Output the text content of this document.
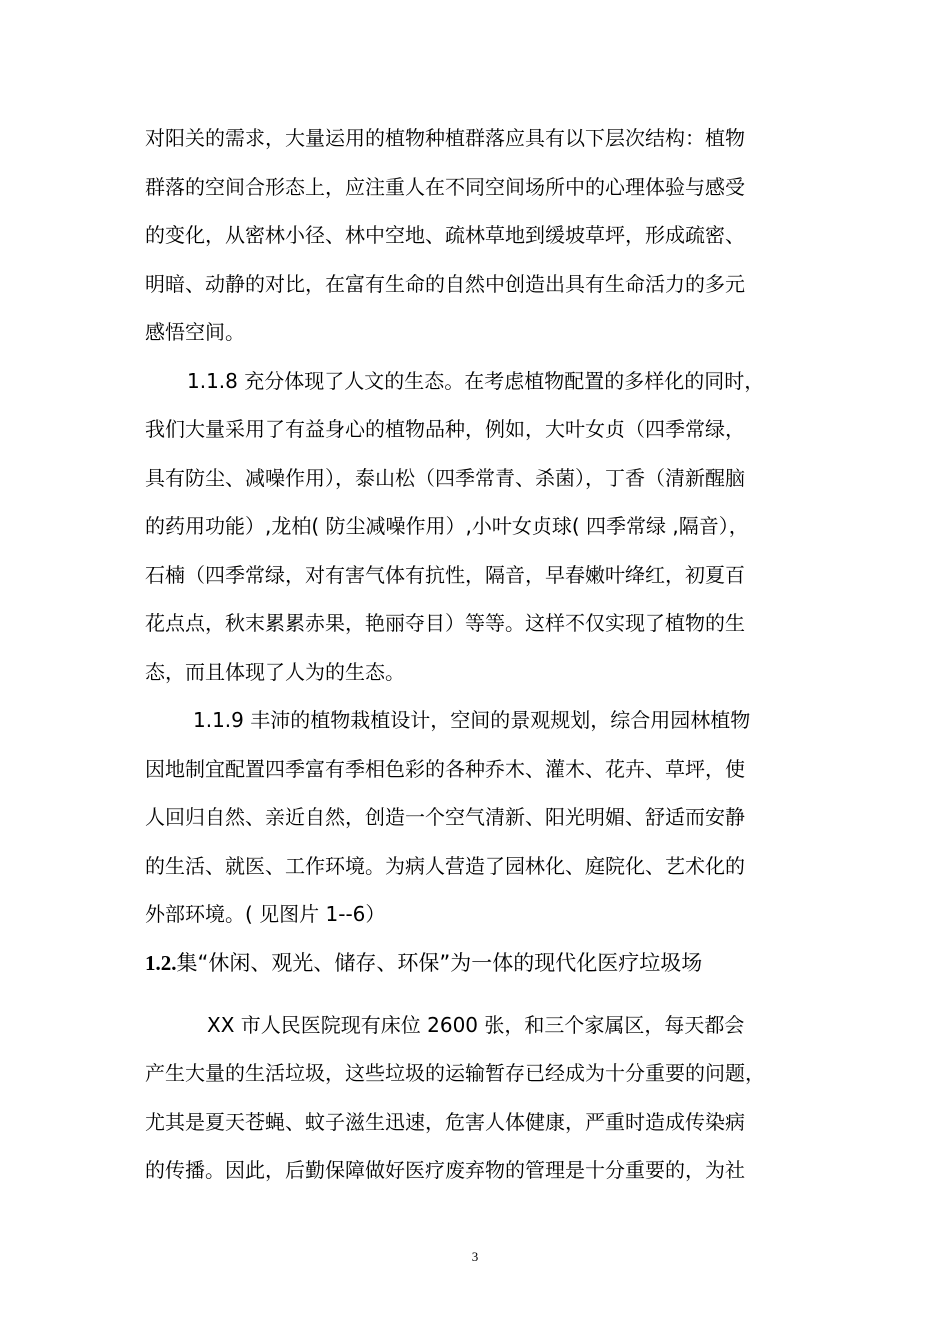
对阳关的需求，大量运用的植物种植群落应具有以下层次结构：植物
群落的空间合形态上，应注重人在不同空间场所中的心理体验与感受
的变化，从密林小径、林中空地、疏林草地到缓坡草坪，形成疏密、
明暗、动静的对比，在富有生命的自然中创造出具有生命活力的多元
感悟空间。
1.1.8 充分体现了人文的生态。在考虑植物配置的多样化的同时，
我们大量采用了有益身心的植物品种，例如，大叶女贞（四季常绿，
具有防尘、减噪作用），泰山松（四季常青、杀菌），丁香（清新醒脑
的药用功能）,龙柏( 防尘减噪作用）,小叶女贞球( 四季常绿 ,隔音），
石楠（四季常绿，对有害气体有抗性，隔音，早春嫩叶绛红，初夏百
花点点，秋末累累赤果，艳丽夺目）等等。这样不仅实现了植物的生
态，而且体现了人为的生态。
1.1.9 丰沛的植物栽植设计，空间的景观规划，综合用园林植物
因地制宜配置四季富有季相色彩的各种乔木、灌木、花卉、草坪，使
人回归自然、亲近自然，创造一个空气清新、阳光明媚、舒适而安静
的生活、就医、工作环境。为病人营造了园林化、庭院化、艺术化的
外部环境。( 见图片 1--6）
1.2.集“休闲、观光、储存、环保”为一体的现代化医疗垃圾场
XX 市人民医院现有床位 2600 张，和三个家属区，每天都会
产生大量的生活垃圾，这些垃圾的运输暂存已经成为十分重要的问题，
尤其是夏天苍蝇、蚊子滋生迅速，危害人体健康，严重时造成传染病
的传播。因此，后勤保障做好医疗废弃物的管理是十分重要的，为社
3
